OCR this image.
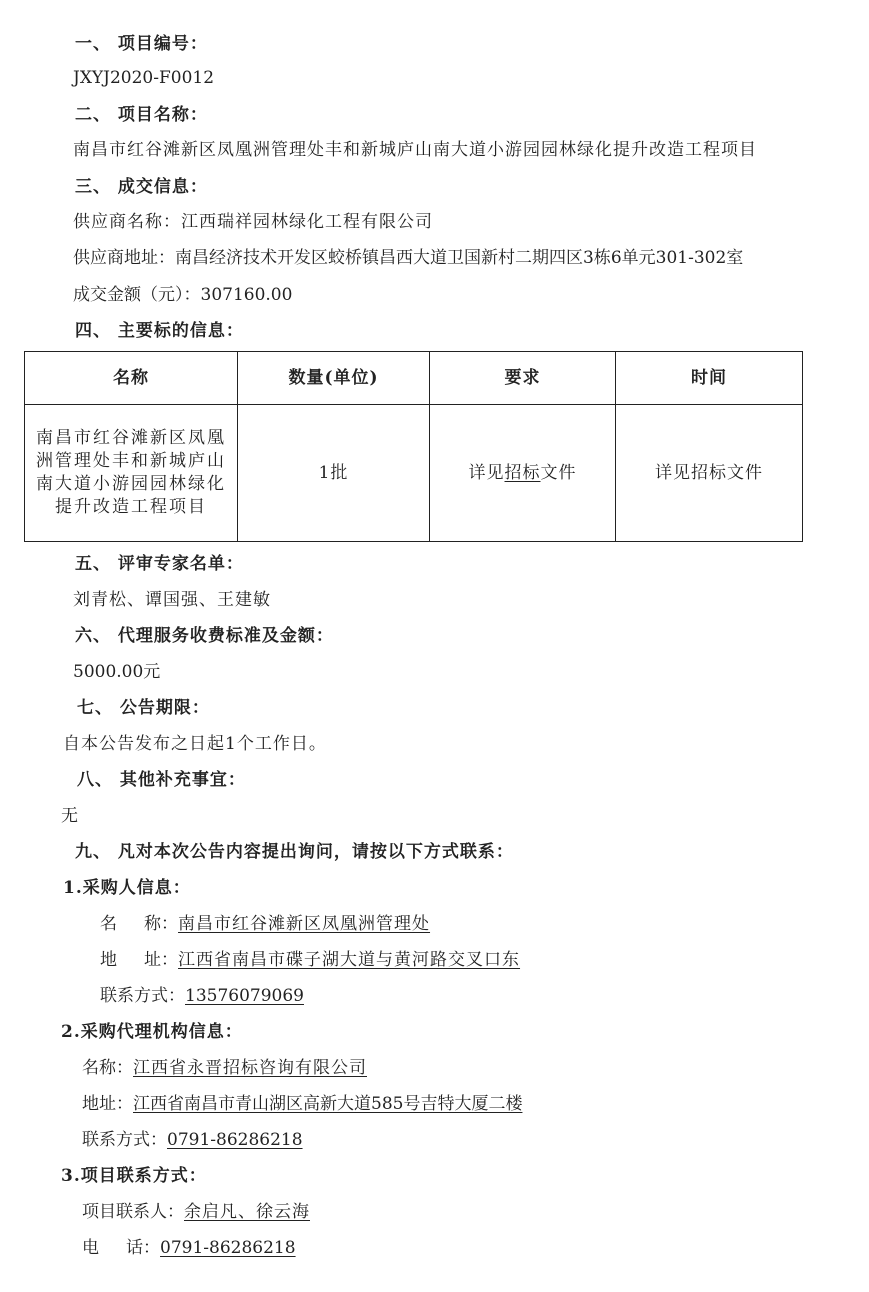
一、 项目编号：
JXYJ2020-F0012
二、 项目名称：
南昌市红谷滩新区凤凰洲管理处丰和新城庐山南大道小游园园林绿化提升改造工程项目
三、 成交信息：
供应商名称：江西瑞祥园林绿化工程有限公司
供应商地址：南昌经济技术开发区蛟桥镇昌西大道卫国新村二期四区3栋6单元301-302室
成交金额（元）：307160.00
四、 主要标的信息：
名称	数量(单位)	要求	时间
南昌市红谷滩新区凤凰洲管理处丰和新城庐山南大道小游园园林绿化提升改造工程项目	1批	详见招标文件	详见招标文件
五、 评审专家名单：
刘青松、谭国强、王建敏
六、 代理服务收费标准及金额：
5000.00元
七、 公告期限：
自本公告发布之日起1个工作日。
八、 其他补充事宜：
无
九、 凡对本次公告内容提出询问，请按以下方式联系：
1.采购人信息：
名     称：南昌市红谷滩新区凤凰洲管理处
地     址：江西省南昌市碟子湖大道与黄河路交叉口东
联系方式：13576079069
2.采购代理机构信息：
名称：江西省永晋招标咨询有限公司
地址：江西省南昌市青山湖区高新大道585号吉特大厦二楼
联系方式：0791-86286218
3.项目联系方式：
项目联系人：余启凡、徐云海
电     话：0791-86286218
